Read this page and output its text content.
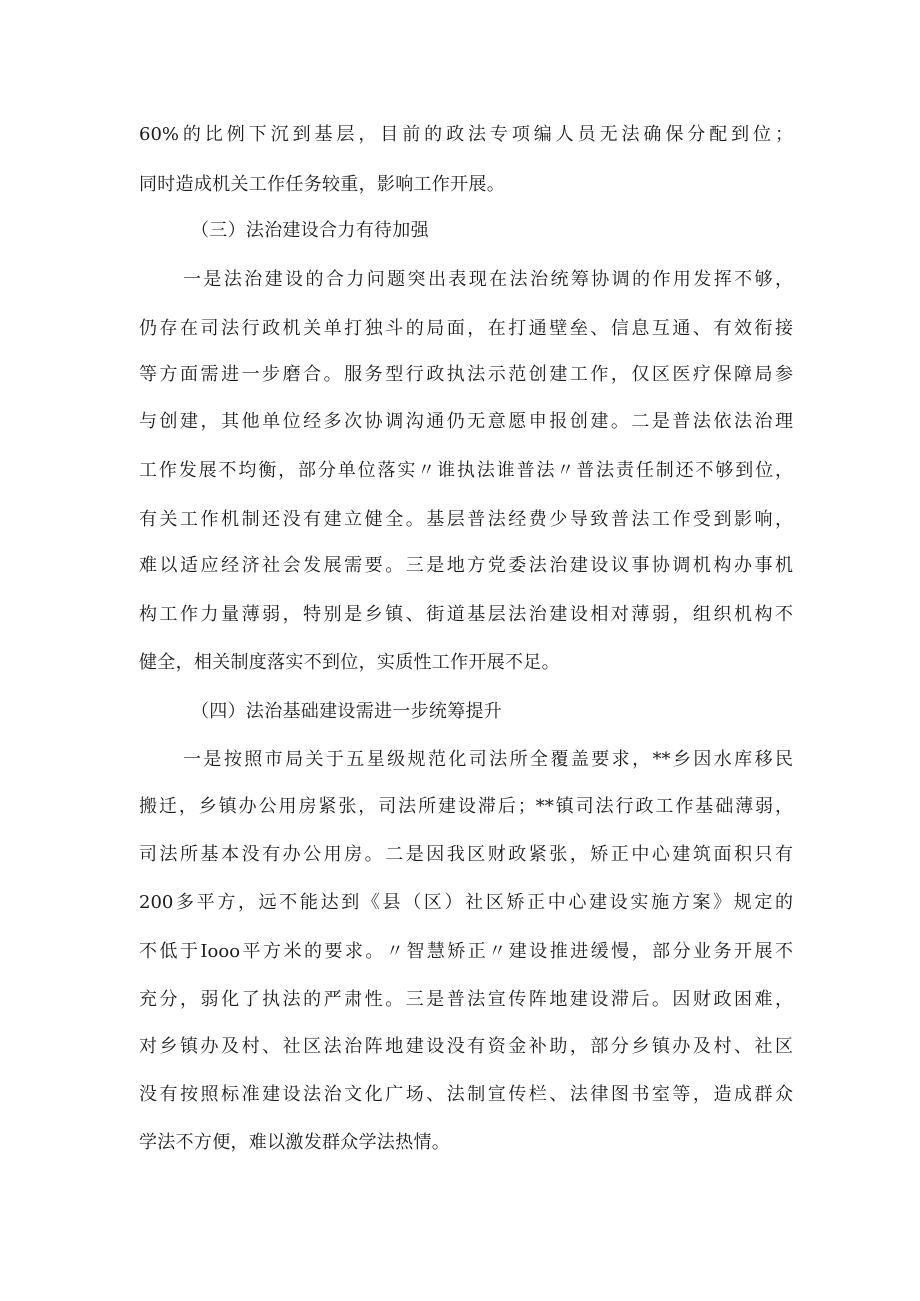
60%的比例下沉到基层，目前的政法专项编人员无法确保分配到位；
同时造成机关工作任务较重，影响工作开展。
（三）法治建设合力有待加强
一是法治建设的合力问题突出表现在法治统筹协调的作用发挥不够，
仍存在司法行政机关单打独斗的局面，在打通壁垒、信息互通、有效衔接
等方面需进一步磨合。服务型行政执法示范创建工作，仅区医疗保障局参
与创建，其他单位经多次协调沟通仍无意愿申报创建。二是普法依法治理
工作发展不均衡，部分单位落实〃谁执法谁普法〃普法责任制还不够到位，
有关工作机制还没有建立健全。基层普法经费少导致普法工作受到影响，
难以适应经济社会发展需要。三是地方党委法治建设议事协调机构办事机
构工作力量薄弱，特别是乡镇、街道基层法治建设相对薄弱，组织机构不
健全，相关制度落实不到位，实质性工作开展不足。
（四）法治基础建设需进一步统筹提升
一是按照市局关于五星级规范化司法所全覆盖要求，**乡因水库移民
搬迁，乡镇办公用房紧张，司法所建设滞后；**镇司法行政工作基础薄弱，
司法所基本没有办公用房。二是因我区财政紧张，矫正中心建筑面积只有
200多平方，远不能达到《县（区）社区矫正中心建设实施方案》规定的
不低于Iooo平方米的要求。〃智慧矫正〃建设推进缓慢，部分业务开展不
充分，弱化了执法的严肃性。三是普法宣传阵地建设滞后。因财政困难，
对乡镇办及村、社区法治阵地建设没有资金补助，部分乡镇办及村、社区
没有按照标准建设法治文化广场、法制宣传栏、法律图书室等，造成群众
学法不方便，难以激发群众学法热情。
